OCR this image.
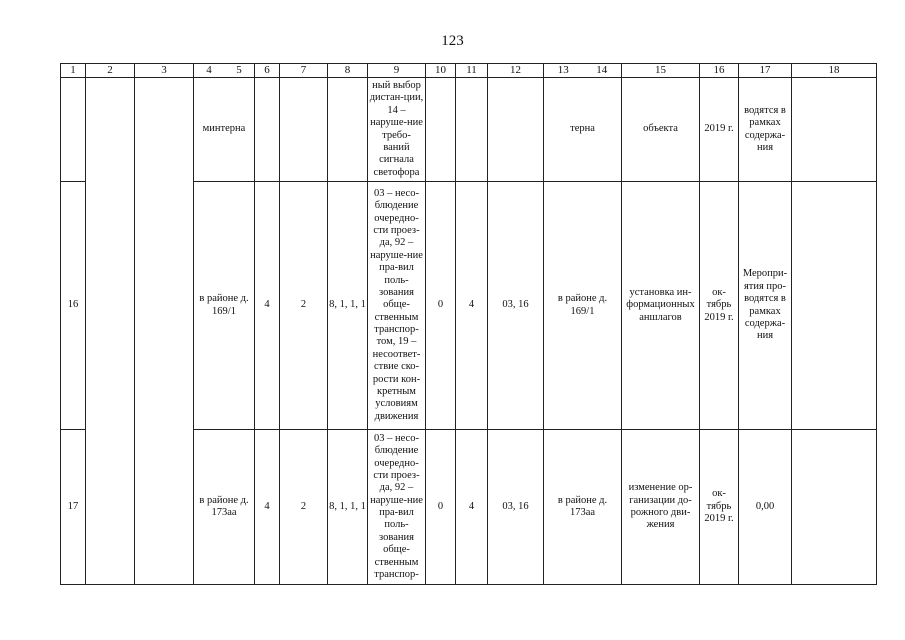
123
1	2	3	4 5	6	7	8	9	10	11	12	13 14	15	16	17	18
			минтерна				ный выбор дистан-ции, 14 – наруше-ние требо-ваний сигнала светофора				терна	объекта	2019 г.	водятся в рамках содержа-ния	
16			в районе д. 169/1	4	2	8, 1, 1, 1	03 – несо-блюдение очередно-сти проез-да, 92 – наруше-ние пра-вил поль-зования обще-ственным транспор-том, 19 – несоответ-ствие ско-рости кон-кретным условиям движения	0	4	03, 16	в районе д. 169/1	установка ин-формационных аншлагов	ок-тябрь 2019 г.	Меропри-ятия про-водятся в рамках содержа-ния	
17			в районе д. 173аа	4	2	8, 1, 1, 1	03 – несо-блюдение очередно-сти проез-да, 92 – наруше-ние пра-вил поль-зования обще-ственным транспор-	0	4	03, 16	в районе д. 173аа	изменение ор-ганизации до-рожного дви-жения	ок-тябрь 2019 г.	0,00	
